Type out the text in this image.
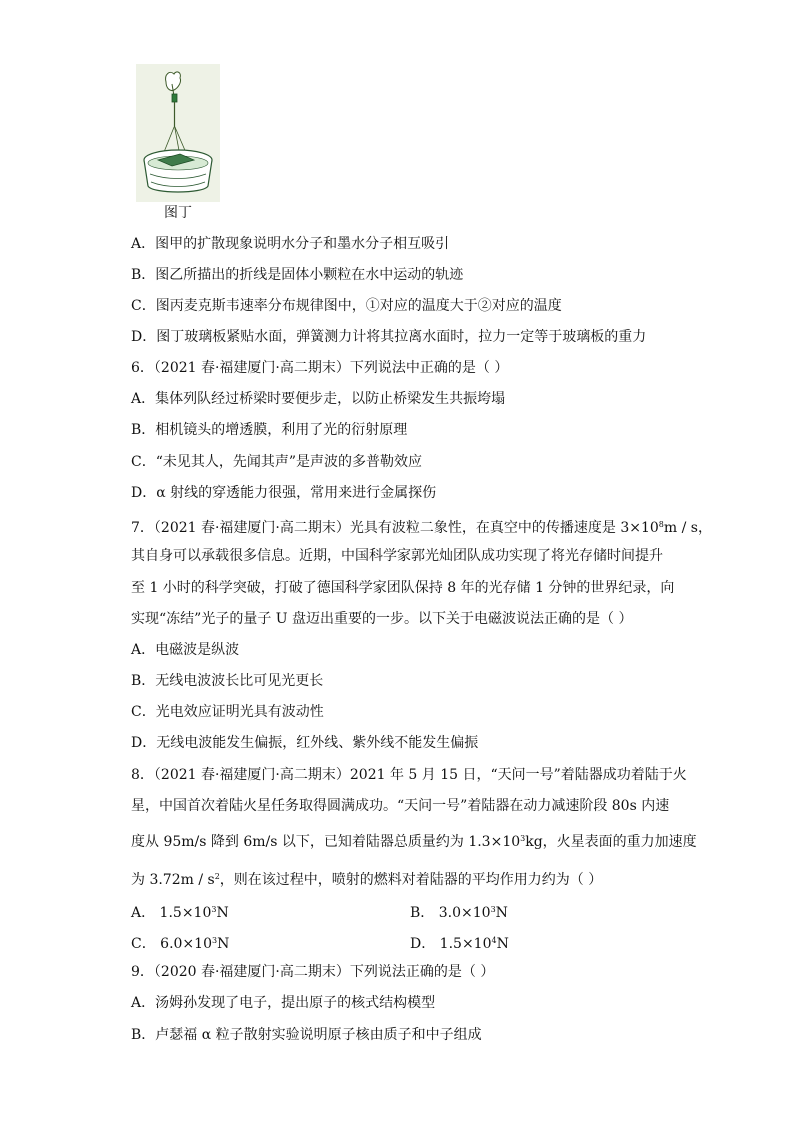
图丁
A．图甲的扩散现象说明水分子和墨水分子相互吸引
B．图乙所描出的折线是固体小颗粒在水中运动的轨迹
C．图丙麦克斯韦速率分布规律图中，①对应的温度大于②对应的温度
D．图丁玻璃板紧贴水面，弹簧测力计将其拉离水面时，拉力一定等于玻璃板的重力
6．（2021 春·福建厦门·高二期末）下列说法中正确的是（ ）
A．集体列队经过桥梁时要便步走，以防止桥梁发生共振垮塌
B．相机镜头的增透膜，利用了光的衍射原理
C．“未见其人，先闻其声”是声波的多普勒效应
D．α 射线的穿透能力很强，常用来进行金属探伤
7．（2021 春·福建厦门·高二期末）光具有波粒二象性，在真空中的传播速度是 $3\times 10^8m / s$，
其自身可以承载很多信息。近期，中国科学家郭光灿团队成功实现了将光存储时间提升
至 1 小时的科学突破，打破了德国科学家团队保持 8 年的光存储 1 分钟的世界纪录，向
实现“冻结”光子的量子 U 盘迈出重要的一步。以下关于电磁波说法正确的是（ ）
A．电磁波是纵波
B．无线电波波长比可见光更长
C．光电效应证明光具有波动性
D．无线电波能发生偏振，红外线、紫外线不能发生偏振
8．（2021 春·福建厦门·高二期末）2021 年 5 月 15 日，“天问一号”着陆器成功着陆于火
星，中国首次着陆火星任务取得圆满成功。“天问一号”着陆器在动力减速阶段 80s 内速
度从 95m/s 降到 6m/s 以下，已知着陆器总质量约为 $1.3\times 10^3kg$，火星表面的重力加速度
为 $3.72m / s^2$，则在该过程中，喷射的燃料对着陆器的平均作用力约为（ ）
A． $1.5\times 10^3N$	B． $3.0\times 10^3N$
C． $6.0\times 10^3N$	D． $1.5\times 10^4N$
9．（2020 春·福建厦门·高二期末）下列说法正确的是（ ）
A．汤姆孙发现了电子，提出原子的核式结构模型
B．卢瑟福 α 粒子散射实验说明原子核由质子和中子组成
